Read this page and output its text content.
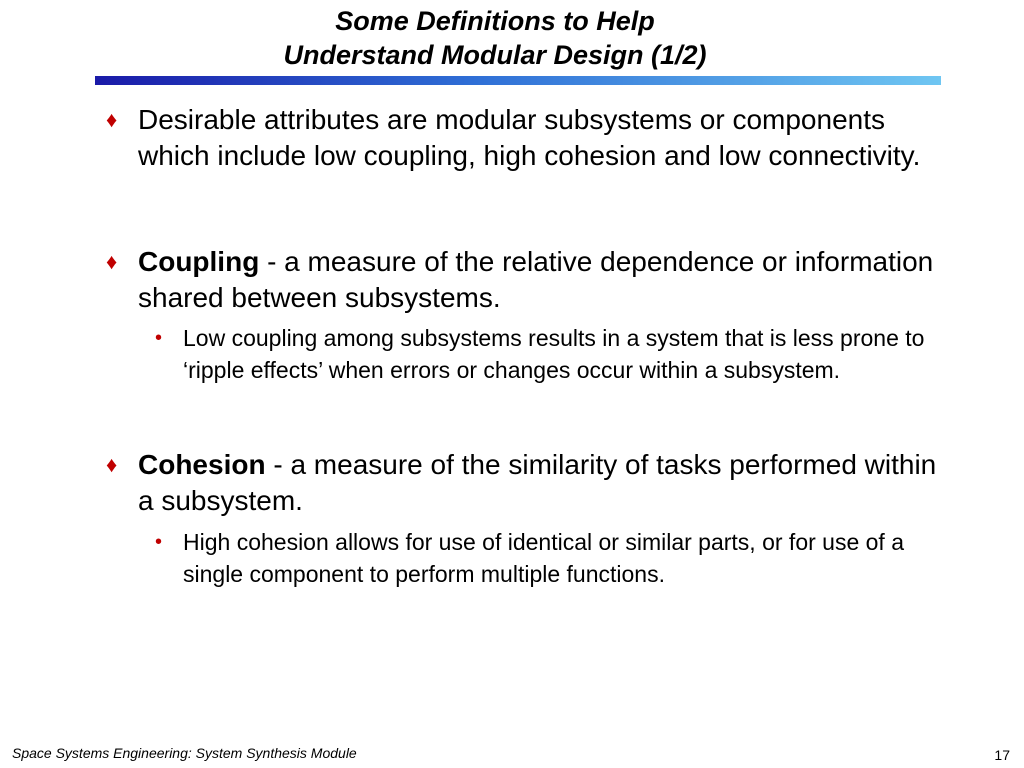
Some Definitions to Help
Understand Modular Design (1/2)
♦ Desirable attributes are modular subsystems or components which include low coupling, high cohesion and low connectivity.
♦ Coupling - a measure of the relative dependence or information shared between subsystems.
• Low coupling among subsystems results in a system that is less prone to ‘ripple effects’ when errors or changes occur within a subsystem.
♦ Cohesion - a measure of the similarity of tasks performed within a subsystem.
• High cohesion allows for use of identical or similar parts, or for use of a single component to perform multiple functions.
Space Systems Engineering: System Synthesis Module	17
